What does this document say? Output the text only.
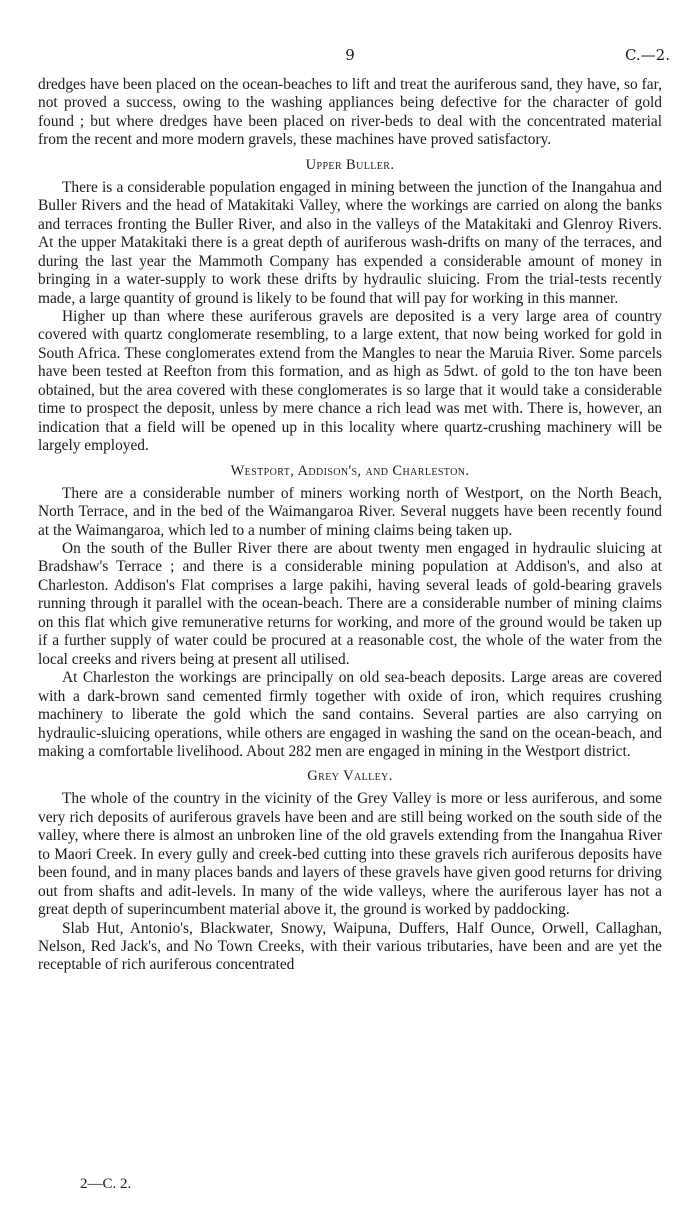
9	C.—2.

dredges have been placed on the ocean-beaches to lift and treat the auriferous sand, they have, so far, not proved a success, owing to the washing appliances being defective for the character of gold found ; but where dredges have been placed on river-beds to deal with the concentrated material from the recent and more modern gravels, these machines have proved satisfactory.

Upper Buller.

There is a considerable population engaged in mining between the junction of the Inangahua and Buller Rivers and the head of Matakitaki Valley, where the workings are carried on along the banks and terraces fronting the Buller River, and also in the valleys of the Matakitaki and Glenroy Rivers. At the upper Matakitaki there is a great depth of auriferous wash-drifts on many of the terraces, and during the last year the Mammoth Company has expended a considerable amount of money in bringing in a water-supply to work these drifts by hydraulic sluicing. From the trial-tests recently made, a large quantity of ground is likely to be found that will pay for working in this manner.

Higher up than where these auriferous gravels are deposited is a very large area of country covered with quartz conglomerate resembling, to a large extent, that now being worked for gold in South Africa. These conglomerates extend from the Mangles to near the Maruia River. Some parcels have been tested at Reefton from this formation, and as high as 5dwt. of gold to the ton have been obtained, but the area covered with these conglomerates is so large that it would take a considerable time to prospect the deposit, unless by mere chance a rich lead was met with. There is, however, an indication that a field will be opened up in this locality where quartz-crushing machinery will be largely employed.

Westport, Addison's, and Charleston.

There are a considerable number of miners working north of Westport, on the North Beach, North Terrace, and in the bed of the Waimangaroa River. Several nuggets have been recently found at the Waimangaroa, which led to a number of mining claims being taken up.

On the south of the Buller River there are about twenty men engaged in hydraulic sluicing at Bradshaw's Terrace ; and there is a considerable mining population at Addison's, and also at Charleston. Addison's Flat comprises a large pakihi, having several leads of gold-bearing gravels running through it parallel with the ocean-beach. There are a considerable number of mining claims on this flat which give remunerative returns for working, and more of the ground would be taken up if a further supply of water could be procured at a reasonable cost, the whole of the water from the local creeks and rivers being at present all utilised.

At Charleston the workings are principally on old sea-beach deposits. Large areas are covered with a dark-brown sand cemented firmly together with oxide of iron, which requires crushing machinery to liberate the gold which the sand contains. Several parties are also carrying on hydraulic-sluicing operations, while others are engaged in washing the sand on the ocean-beach, and making a comfortable livelihood. About 282 men are engaged in mining in the Westport district.

Grey Valley.

The whole of the country in the vicinity of the Grey Valley is more or less auriferous, and some very rich deposits of auriferous gravels have been and are still being worked on the south side of the valley, where there is almost an unbroken line of the old gravels extending from the Inangahua River to Maori Creek. In every gully and creek-bed cutting into these gravels rich auriferous deposits have been found, and in many places bands and layers of these gravels have given good returns for driving out from shafts and adit-levels. In many of the wide valleys, where the auriferous layer has not a great depth of superincumbent material above it, the ground is worked by paddocking.

Slab Hut, Antonio's, Blackwater, Snowy, Waipuna, Duffers, Half Ounce, Orwell, Callaghan, Nelson, Red Jack's, and No Town Creeks, with their various tributaries, have been and are yet the receptable of rich auriferous concentrated

2—C. 2.
